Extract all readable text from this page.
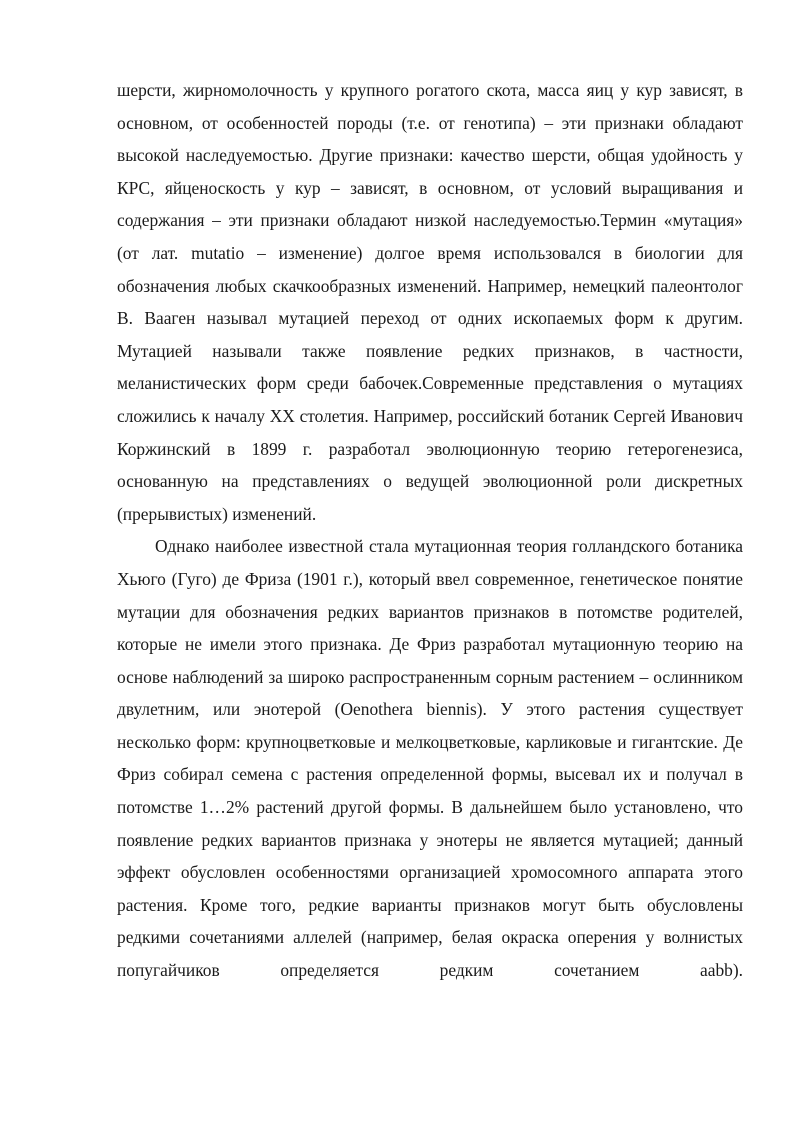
шерсти, жирномолочность у крупного рогатого скота, масса яиц у кур зависят, в основном, от особенностей породы (т.е. от генотипа) – эти признаки обладают высокой наследуемостью. Другие признаки: качество шерсти, общая удойность у КРС, яйценоскость у кур – зависят, в основном, от условий выращивания и содержания – эти признаки обладают низкой наследуемостью.Термин «мутация» (от лат. mutatio – изменение) долгое время использовался в биологии для обозначения любых скачкообразных изменений. Например, немецкий палеонтолог В. Вааген называл мутацией переход от одних ископаемых форм к другим. Мутацией называли также появление редких признаков, в частности, меланистических форм среди бабочек.Современные представления о мутациях сложились к началу XX столетия. Например, российский ботаник Сергей Иванович Коржинский в 1899 г. разработал эволюционную теорию гетерогенезиса, основанную на представлениях о ведущей эволюционной роли дискретных (прерывистых) изменений.

Однако наиболее известной стала мутационная теория голландского ботаника Хьюго (Гуго) де Фриза (1901 г.), который ввел современное, генетическое понятие мутации для обозначения редких вариантов признаков в потомстве родителей, которые не имели этого признака. Де Фриз разработал мутационную теорию на основе наблюдений за широко распространенным сорным растением – ослинником двулетним, или энотерой (Oenothera biennis). У этого растения существует несколько форм: крупноцветковые и мелкоцветковые, карликовые и гигантские. Де Фриз собирал семена с растения определенной формы, высевал их и получал в потомстве 1…2% растений другой формы. В дальнейшем было установлено, что появление редких вариантов признака у энотеры не является мутацией; данный эффект обусловлен особенностями организацией хромосомного аппарата этого растения. Кроме того, редкие варианты признаков могут быть обусловлены редкими сочетаниями аллелей (например, белая окраска оперения у волнистых попугайчиков определяется редким сочетанием aabb).
